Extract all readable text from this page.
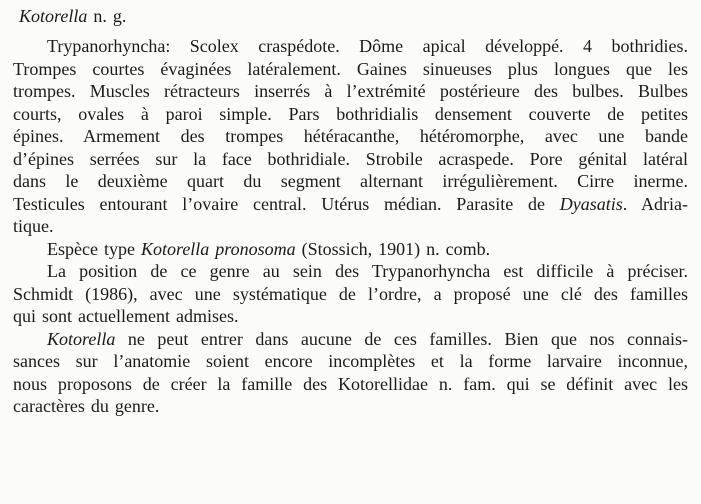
Kotorella n. g.
Trypanorhyncha: Scolex craspédote. Dôme apical développé. 4 bothridies.
Trompes courtes évaginées latéralement. Gaines sinueuses plus longues que les
trompes. Muscles rétracteurs inserrés à l’extrémité postérieure des bulbes. Bulbes
courts, ovales à paroi simple. Pars bothridialis densement couverte de petites
épines. Armement des trompes hétéracanthe, hétéromorphe, avec une bande
d’épines serrées sur la face bothridiale. Strobile acraspede. Pore génital latéral
dans le deuxième quart du segment alternant irrégulièrement. Cirre inerme.
Testicules entourant l’ovaire central. Utérus médian. Parasite de Dyasatis. Adria-
tique.
Espèce type Kotorella pronosoma (Stossich, 1901) n. comb.
La position de ce genre au sein des Trypanorhyncha est difficile à préciser.
Schmidt (1986), avec une systématique de l’ordre, a proposé une clé des familles
qui sont actuellement admises.
Kotorella ne peut entrer dans aucune de ces familles. Bien que nos connais-
sances sur l’anatomie soient encore incomplètes et la forme larvaire inconnue,
nous proposons de créer la famille des Kotorellidae n. fam. qui se définit avec les
caractères du genre.
